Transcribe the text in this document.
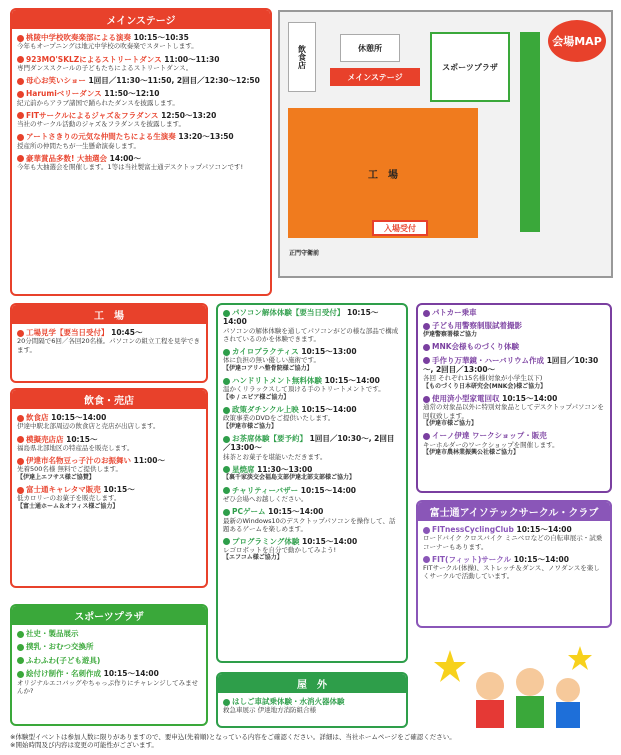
メインステージ
桃陵中学校吹奏楽部による演奏 10:15～10:35
今年もオープニングは地元中学校の吹奏楽でスタートします。
923MO'SKLZによるストリートダンス 11:00～11:30
専門ダンススクールの子どもたちによるストリートダンス。
母心お笑いショー 1回目／11:30～11:50, 2回目／12:30～12:50
Harumiベリーダンス 11:50～12:10
紀元前からアラブ諸国で踊られたダンスを披露します。
FITサークルによるジャズ＆フラダンス 12:50～13:20
当社のサークル活動のジャズ＆フラダンスを披露します。
アートさきりの元気な仲間たちによる生演奏 13:20～13:50
授産所の仲間たちが一生懸命演奏します。
豪華賞品多数! 大抽選会 14:00～
今年も大抽選会を開催します。1等は当社製富士通デスクトップパソコンです!
飲食店	休憩所
メインステージ
スポーツプラザ
工　場
入場受付
正門守衛前
会場MAP
工　場
工場見学【要当日受付】 10:45～
20分間隔で6回／各回20名様。パソコンの組立工程を見学できます。
飲食・売店
飲食店 10:15～14:00
伊達中駅北部周辺の飲食店と売店が出店します。
模擬売店店 10:15～
福島県北部地区の特産品を販売します。
伊達市名物豆っ子汁のお振舞い 11:00～
先着500名様 無料でご提供します。
【伊達上エフサス様ご協賛】
富士通キャレタマ販売 10:15～
低カロリーのお菓子を販売します。
【富士通ホーム＆オフィス様ご協力】
スポーツプラザ
社史・製品展示
撲乳・おむつ交換所
ふわふわ(子ども遊具)
絵付け制作・名刺作成 10:15～14:00
オリジナルエコバッグやちゃっぷ作りにチャレンジしてみませんか?
パソコン解体体験【要当日受付】 10:15～14:00
パソコンの解体体験を通してパソコンがどの様な部品で構成されているのかを体験できます。
カイロプラクティス 10:15～13:00
体に負担の無い優しい施術です。
【伊達コアリハ整骨院様ご協力】
ハンドリトメント無料体験 10:15～14:00
温かくリラックスして頂ける手のトリートメントです。
【ゆ / エビア様ご協力】
政策ダチンクル上映 10:15～14:00
政策事業のDVDをご提供いたします。
【伊達市様ご協力】
お茶席体験【要予約】 1回目／10:30～, 2回目／13:00～
抹茶とお菓子を堪能いただきます。
星焼席 11:30～13:00
【裏千家淡交会福島支部伊達北部支部様ご協力】
チャリティーバザー 10:15～14:00
ぜひ会場へお越しください。
PCゲーム 10:15～14:00
最新のWindows10のデスクトップパソコンを操作して、話題あるゲームを楽しめます。
プログラミング体験 10:15～14:00
レゴロボットを自分で動かしてみよう!
【エフコム様ご協力】
屋　外
はしご車試乗体験・水消火器体験
救急車展示 伊達地方消防組合様
パトカー乗車
子ども用警察制服試着撮影
伊達警察署様ご協力
MNK会様ものづくり体験
手作り万華鏡・ハーバリウム作成 1回目／10:30～, 2回目／13:00～
各回 それぞれ15名様(対象が小学生以下)
【ものづくり日本研究会(MNK会)様ご協力】
使用済小型家電回収 10:15～14:00
通常の対象品以外に特別対象品としてデスクトップパソコンを回収致します。
【伊達市様ご協力】
イーノ伊達 ワークショップ・販売
キーホルダーのワークショップを開催します。
【伊達市農林業振興公社様ご協力】
富士通アイソテックサークル・クラブ
FITnessCyclingClub 10:15～14:00
ロードバイク クロスバイク ミニベロなどの自転車展示・試乗コーナーもあります。
FIT(フィット)サークル 10:15～14:00
FITサークル(体操)、ストレッチ＆ダンス、ノワダンスを楽しくサークルで活動しています。
※体験型イベントは参加人数に限りがありますので、要申込(先着順)となっている内容をご確認ください。詳細は、当社ホームページをご確認ください。
※開始時間及び内容は変更の可能性がございます。
